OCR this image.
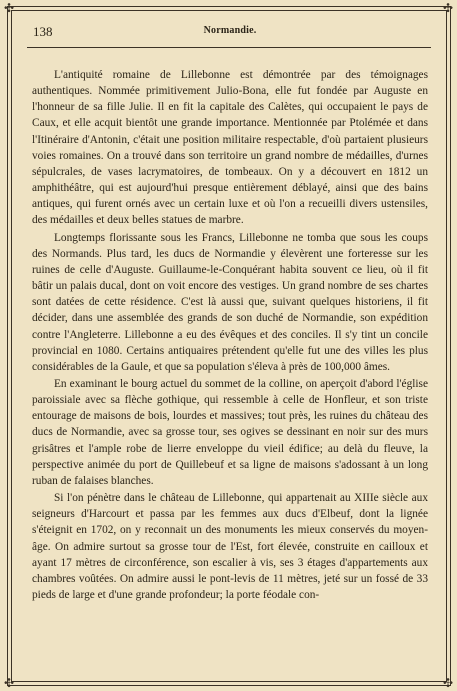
✣	✣
✣	✣
138	Normandie.

L'antiquité romaine de Lillebonne est démontrée par des témoignages authentiques. Nommée primitivement Julio-Bona, elle fut fondée par Auguste en l'honneur de sa fille Julie. Il en fit la capitale des Calètes, qui occupaient le pays de Caux, et elle acquit bientôt une grande importance. Mentionnée par Ptolémée et dans l'Itinéraire d'Antonin, c'était une position militaire respectable, d'où partaient plusieurs voies romaines. On a trouvé dans son territoire un grand nombre de médailles, d'urnes sépulcrales, de vases lacrymatoires, de tombeaux. On y a découvert en 1812 un amphithéâtre, qui est aujourd'hui presque entièrement déblayé, ainsi que des bains antiques, qui furent ornés avec un certain luxe et où l'on a recueilli divers ustensiles, des médailles et deux belles statues de marbre.

Longtemps florissante sous les Francs, Lillebonne ne tomba que sous les coups des Normands. Plus tard, les ducs de Normandie y élevèrent une forteresse sur les ruines de celle d'Auguste. Guillaume-le-Conquérant habita souvent ce lieu, où il fit bâtir un palais ducal, dont on voit encore des vestiges. Un grand nombre de ses chartes sont datées de cette résidence. C'est là aussi que, suivant quelques historiens, il fit décider, dans une assemblée des grands de son duché de Normandie, son expédition contre l'Angleterre. Lillebonne a eu des évêques et des conciles. Il s'y tint un concile provincial en 1080. Certains antiquaires prétendent qu'elle fut une des villes les plus considérables de la Gaule, et que sa population s'éleva à près de 100,000 âmes.

En examinant le bourg actuel du sommet de la colline, on aperçoit d'abord l'église paroissiale avec sa flèche gothique, qui ressemble à celle de Honfleur, et son triste entourage de maisons de bois, lourdes et massives; tout près, les ruines du château des ducs de Normandie, avec sa grosse tour, ses ogives se dessinant en noir sur des murs grisâtres et l'ample robe de lierre enveloppe du vieil édifice; au delà du fleuve, la perspective animée du port de Quillebeuf et sa ligne de maisons s'adossant à un long ruban de falaises blanches.

Si l'on pénètre dans le château de Lillebonne, qui appartenait au XIIIe siècle aux seigneurs d'Harcourt et passa par les femmes aux ducs d'Elbeuf, dont la lignée s'éteignit en 1702, on y reconnait un des monuments les mieux conservés du moyen-âge. On admire surtout sa grosse tour de l'Est, fort élevée, construite en cailloux et ayant 17 mètres de circonférence, son escalier à vis, ses 3 étages d'appartements aux chambres voûtées. On admire aussi le pont-levis de 11 mètres, jeté sur un fossé de 33 pieds de large et d'une grande profondeur; la porte féodale con-
